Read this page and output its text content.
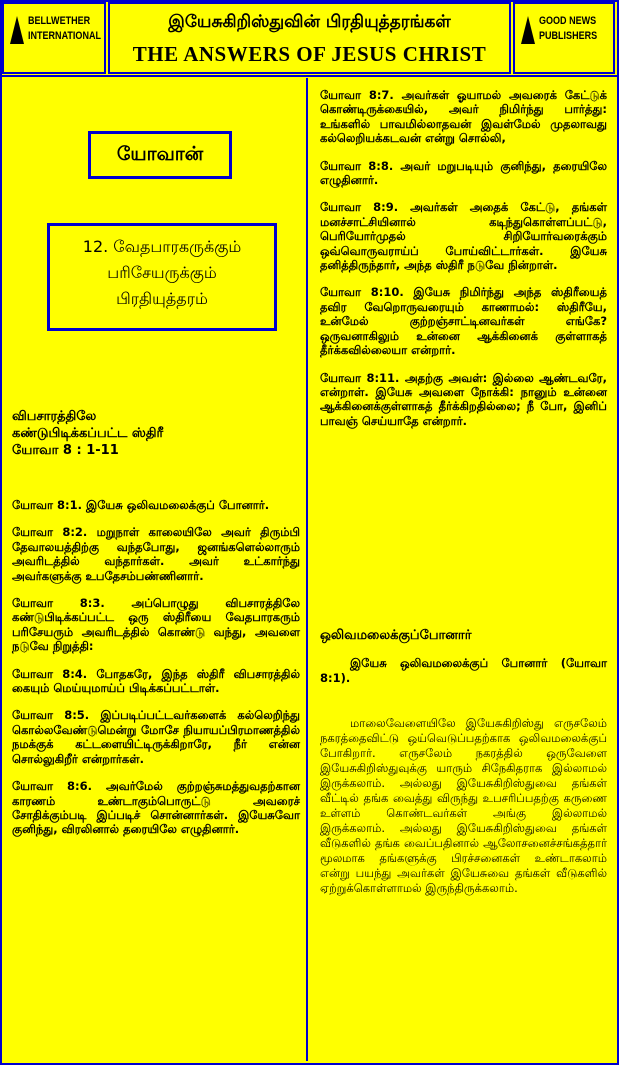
BELLWETHER INTERNATIONAL
இயேசுகிறிஸ்துவின் பிரதியுத்தரங்கள்
THE ANSWERS OF JESUS CHRIST
GOOD NEWS PUBLISHERS
யோவான்
12. வேதபாரகருக்கும்
பரிசேயருக்கும்
பிரதியுத்தரம்

விபசாரத்திலே

கண்டுபிடிக்கப்பட்ட ஸ்திரீ

யோவா 8 : 1-11

யோவா 8:1. இயேசு ஒலிவமலைக்குப் போனார்.

யோவா 8:2. மறுநாள் காலையிலே அவர் திரும்பி தேவாலயத்திற்கு வந்தபோது, ஜனங்களெல்லாரும் அவரிடத்தில் வந்தார்கள். அவர் உட்கார்ந்து அவர்களுக்கு உபதேசம்பண்ணினார்.

யோவா 8:3. அப்பொழுது விபசாரத்திலே கண்டுபிடிக்கப்பட்ட ஒரு ஸ்திரீயை வேதபாரகரும் பரிசேயரும் அவரிடத்தில் கொண்டு வந்து, அவளை நடுவே நிறுத்தி:

யோவா 8:4. போதகரே, இந்த ஸ்திரீ விபசாரத்தில் கையும் மெய்யுமாய்ப் பிடிக்கப்பட்டாள்.

யோவா 8:5. இப்படிப்பட்டவர்களைக் கல்லெறிந்து கொல்லவேண்டுமென்று மோசே நியாயப்பிரமாணத்தில் நமக்குக் கட்டளையிட்டிருக்கிறாரே, நீர் என்ன சொல்லுகிறீர் என்றார்கள்.

யோவா 8:6. அவர்மேல் குற்றஞ்சுமத்துவதற்கான காரணம் உண்டாகும்பொருட்டு அவரைச் சோதிக்கும்படி இப்படிச் சொன்னார்கள். இயேசுவோ குனிந்து, விரலினால் தரையிலே எழுதினார்.

யோவா 8:7. அவர்கள் ஓயாமல் அவரைக் கேட்டுக் கொண்டிருக்கையில், அவர் நிமிர்ந்து பார்த்து: உங்களில் பாவமில்லாதவன் இவள்மேல் முதலாவது கல்லெறியக்கடவன் என்று சொல்லி,

யோவா 8:8. அவர் மறுபடியும் குனிந்து, தரையிலே எழுதினார்.

யோவா 8:9. அவர்கள் அதைக் கேட்டு, தங்கள் மனச்சாட்சியினால் கடிந்துகொள்ளப்பட்டு, பெரியோர்முதல் சிறியோர்வரைக்கும் ஒவ்வொருவராய்ப் போய்விட்டார்கள். இயேசு தனித்திருந்தார், அந்த ஸ்திரீ நடுவே நின்றாள்.

யோவா 8:10. இயேசு நிமிர்ந்து அந்த ஸ்திரீயைத் தவிர வேறொருவரையும் காணாமல்: ஸ்திரீயே, உன்மேல் குற்றஞ்சாட்டினவர்கள் எங்கே? ஒருவனாகிலும் உன்னை ஆக்கினைக் குள்ளாகத் தீர்க்கவில்லையா என்றார்.

யோவா 8:11. அதற்கு அவள்: இல்லை ஆண்டவரே, என்றாள். இயேசு அவளை நோக்கி: நானும் உன்னை ஆக்கினைக்குள்ளாகத் தீர்க்கிறதில்லை; நீ போ, இனிப் பாவஞ் செய்யாதே என்றார்.

ஒலிவமலைக்குப்போனார்
இயேசு ஒலிவமலைக்குப் போனார் (யோவா 8:1).
மாலைவேளையிலே இயேசுகிறிஸ்து எருசலேம் நகரத்தைவிட்டு ஒய்வெடுப்பதற்காக ஒலிவமலைக்குப் போகிறார். எருசலேம் நகரத்தில் ஒருவேளை இயேசுகிறிஸ்துவுக்கு யாரும் சிநேகிதராக இல்லாமல் இருக்கலாம். அல்லது இயேசுகிறிஸ்துவை தங்கள் வீட்டில் தங்க வைத்து விருந்து உபசரிப்பதற்கு கருணை உள்ளம் கொண்டவர்கள் அங்கு இல்லாமல் இருக்கலாம். அல்லது இயேசுகிறிஸ்துவை தங்கள் வீடுகளில் தங்க வைப்பதினால் ஆலோசனைச்சங்கத்தார் மூலமாக தங்களுக்கு பிரச்சனைகள் உண்டாகலாம் என்று பயந்து அவர்கள் இயேசுவை தங்கள் வீடுகளில் ஏற்றுக்கொள்ளாமல் இருந்திருக்கலாம்.
